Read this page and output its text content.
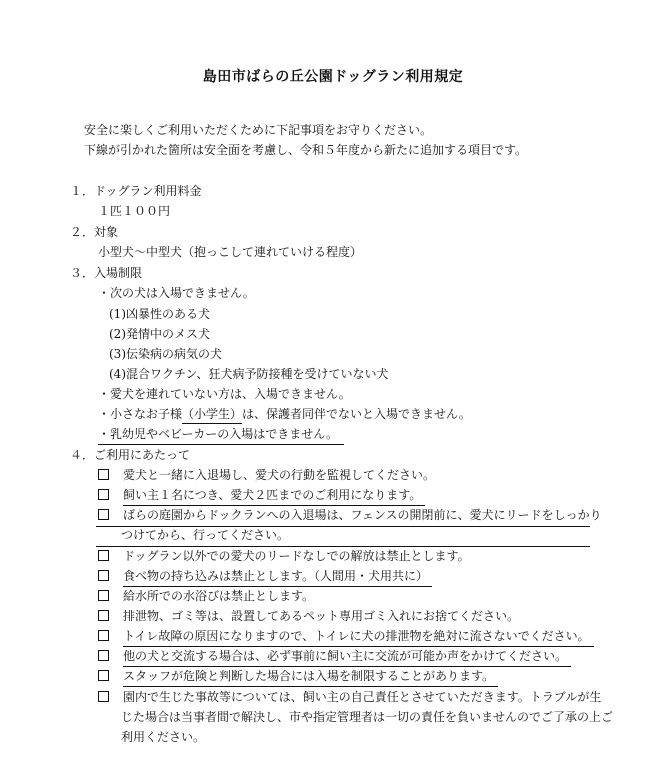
島田市ばらの丘公園ドッグラン利用規定
安全に楽しくご利用いただくために下記事項をお守りください。
下線が引かれた箇所は安全面を考慮し、令和５年度から新たに追加する項目です。
１．ドッグラン利用料金
１匹１００円
２．対象
小型犬～中型犬（抱っこして連れていける程度）
３．入場制限
・次の犬は入場できません。
(1)凶暴性のある犬
(2)発情中のメス犬
(3)伝染病の病気の犬
(4)混合ワクチン、狂犬病予防接種を受けていない犬
・愛犬を連れていない方は、入場できません。
・小さなお子様（小学生）は、保護者同伴でないと入場できません。
・乳幼児やベビーカーの入場はできません。
４．ご利用にあたって
愛犬と一緒に入退場し、愛犬の行動を監視してください。
飼い主１名につき、愛犬２匹までのご利用になります。
ばらの庭園からドックランへの入退場は、フェンスの開閉前に、愛犬にリードをしっかり
つけてから、行ってください。
ドッグラン以外での愛犬のリードなしでの解放は禁止とします。
食べ物の持ち込みは禁止とします。（人間用・犬用共に）
給水所での水浴びは禁止とします。
排泄物、ゴミ等は、設置してあるペット専用ゴミ入れにお捨てください。
トイレ故障の原因になりますので、トイレに犬の排泄物を絶対に流さないでください。
他の犬と交流する場合は、必ず事前に飼い主に交流が可能か声をかけてください。
スタッフが危険と判断した場合には入場を制限することがあります。
園内で生じた事故等については、飼い主の自己責任とさせていただきます。トラブルが生
じた場合は当事者間で解決し、市や指定管理者は一切の責任を負いませんのでご了承の上ご
利用ください。
